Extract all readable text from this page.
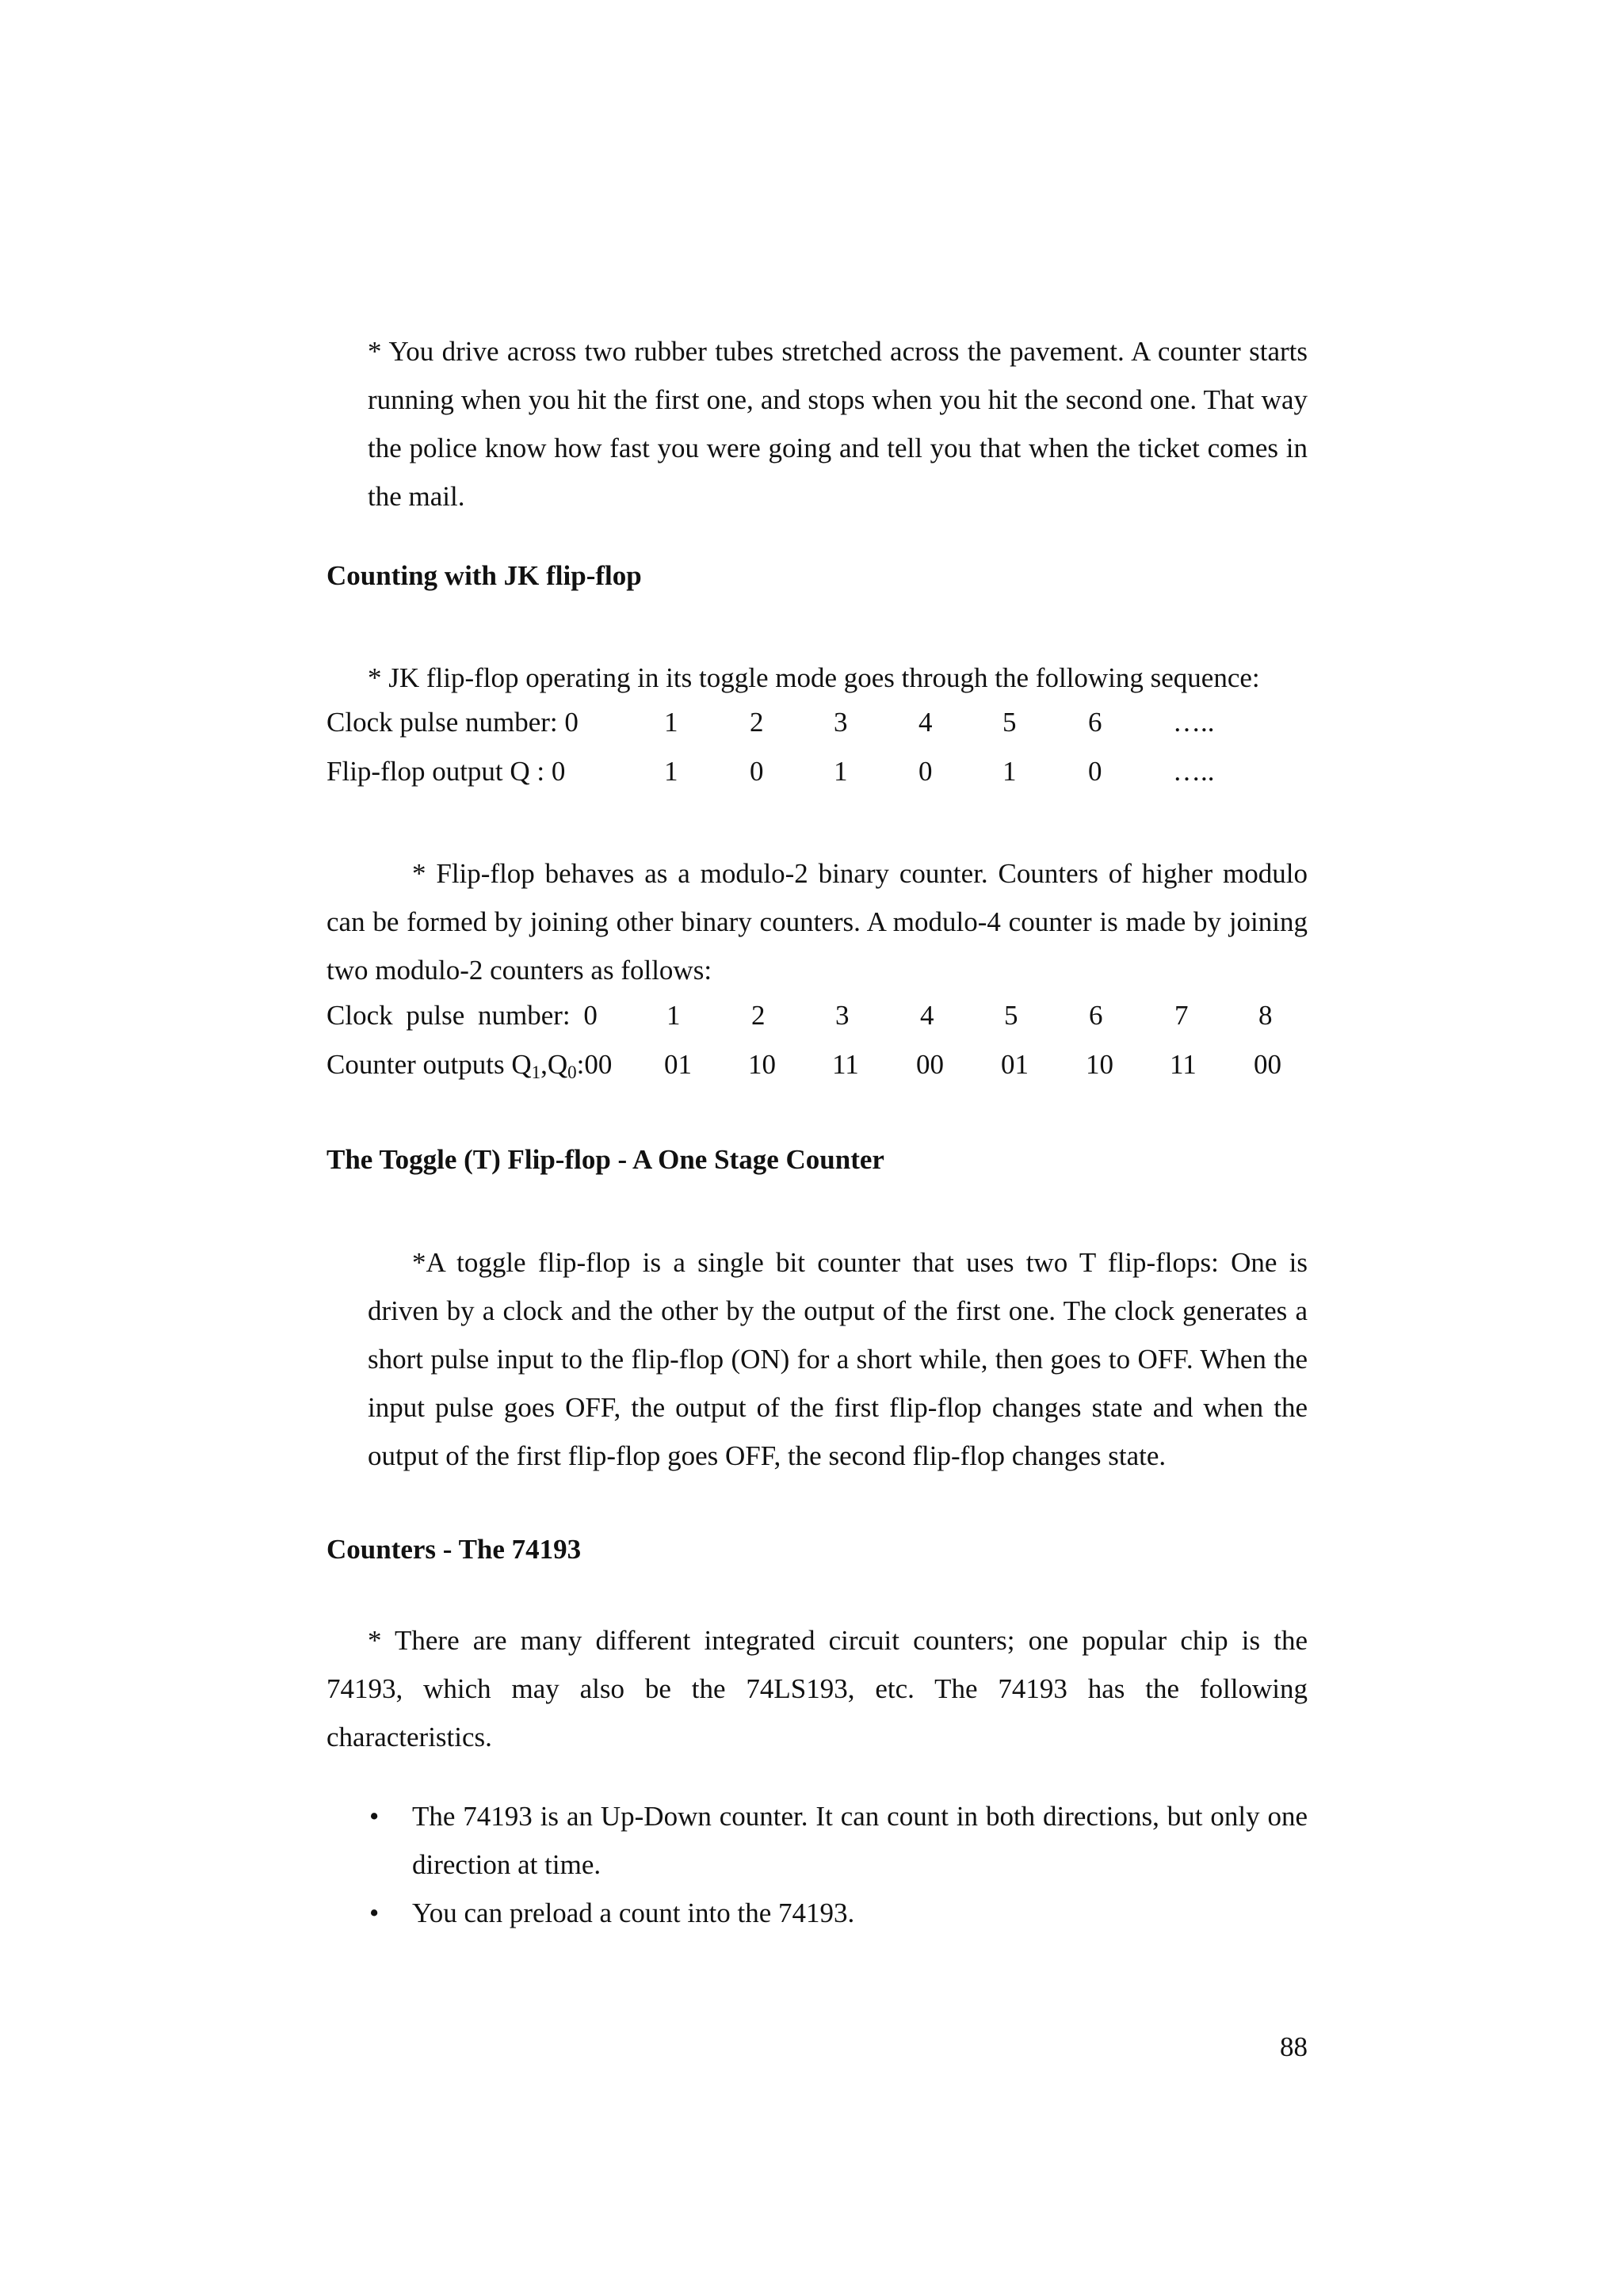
* You drive across two rubber tubes stretched across the pavement. A counter starts running when you hit the first one, and stops when you hit the second one. That way the police know how fast you were going and tell you that when the ticket comes in the mail.

Counting with JK flip-flop

* JK flip-flop operating in its toggle mode goes through the following sequence:

Clock pulse number: 0	1	2	3	4	5	6	…..
Flip-flop output Q : 0	1	0	1	0	1	0	…..

* Flip-flop behaves as a modulo-2 binary counter. Counters of higher modulo can be formed by joining other binary counters. A modulo-4 counter is made by joining two modulo-2 counters as follows:

Clock pulse number: 0 1	2	3	4	5	6	7	8
Counter outputs $Q_1,Q_0:00$ 01 10 11 00 01 10 11 00
The Toggle (T) Flip-flop - A One Stage Counter

*A toggle flip-flop is a single bit counter that uses two T flip-flops: One is driven by a clock and the other by the output of the first one. The clock generates a short pulse input to the flip-flop (ON) for a short while, then goes to OFF. When the input pulse goes OFF, the output of the first flip-flop changes state and when the output of the first flip-flop goes OFF, the second flip-flop changes state.

Counters - The 74193

* There are many different integrated circuit counters; one popular chip is the 74193, which may also be the 74LS193, etc. The 74193 has the following characteristics.

• The 74193 is an Up-Down counter. It can count in both directions, but only one direction at time.
• You can preload a count into the 74193.
88
